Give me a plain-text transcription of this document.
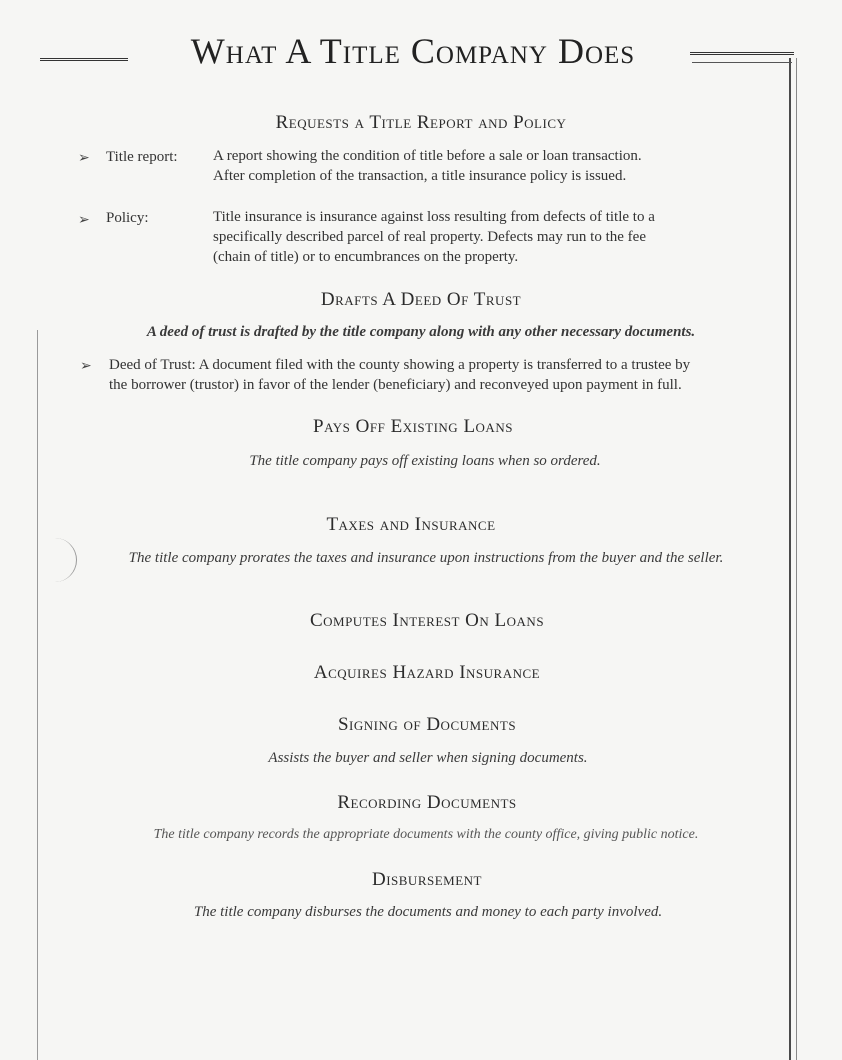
What A Title Company Does
Requests a Title Report and Policy
➢ Title report: A report showing the condition of title before a sale or loan transaction.
After completion of the transaction, a title insurance policy is issued.
➢ Policy:	Title insurance is insurance against loss resulting from defects of title to a
specifically described parcel of real property. Defects may run to the fee
(chain of title) or to encumbrances on the property.
Drafts A Deed Of Trust
A deed of trust is drafted by the title company along with any other necessary documents.
➢ Deed of Trust: A document filed with the county showing a property is transferred to a trustee by
the borrower (trustor) in favor of the lender (beneficiary) and reconveyed upon payment in full.
Pays Off Existing Loans
The title company pays off existing loans when so ordered.
Taxes and Insurance
The title company prorates the taxes and insurance upon instructions from the buyer and the seller.
Computes Interest On Loans
Acquires Hazard Insurance
Signing of Documents
Assists the buyer and seller when signing documents.
Recording Documents
The title company records the appropriate documents with the county office, giving public notice.
Disbursement
The title company disburses the documents and money to each party involved.
